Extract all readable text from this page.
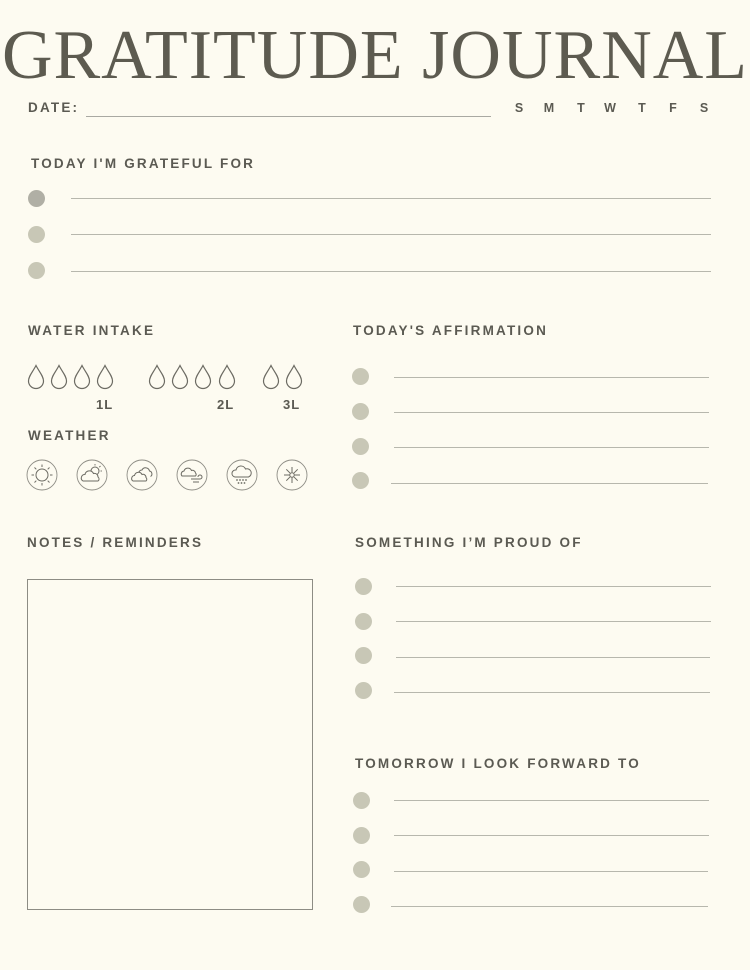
GRATITUDE JOURNAL
DATE:	S	M	T	W	T	F	S
TODAY I'M GRATEFUL FOR
WATER INTAKE
1L	2L	3L
WEATHER
TODAY'S AFFIRMATION
NOTES / REMINDERS	SOMETHING I’M PROUD OF
TOMORROW I LOOK FORWARD TO
